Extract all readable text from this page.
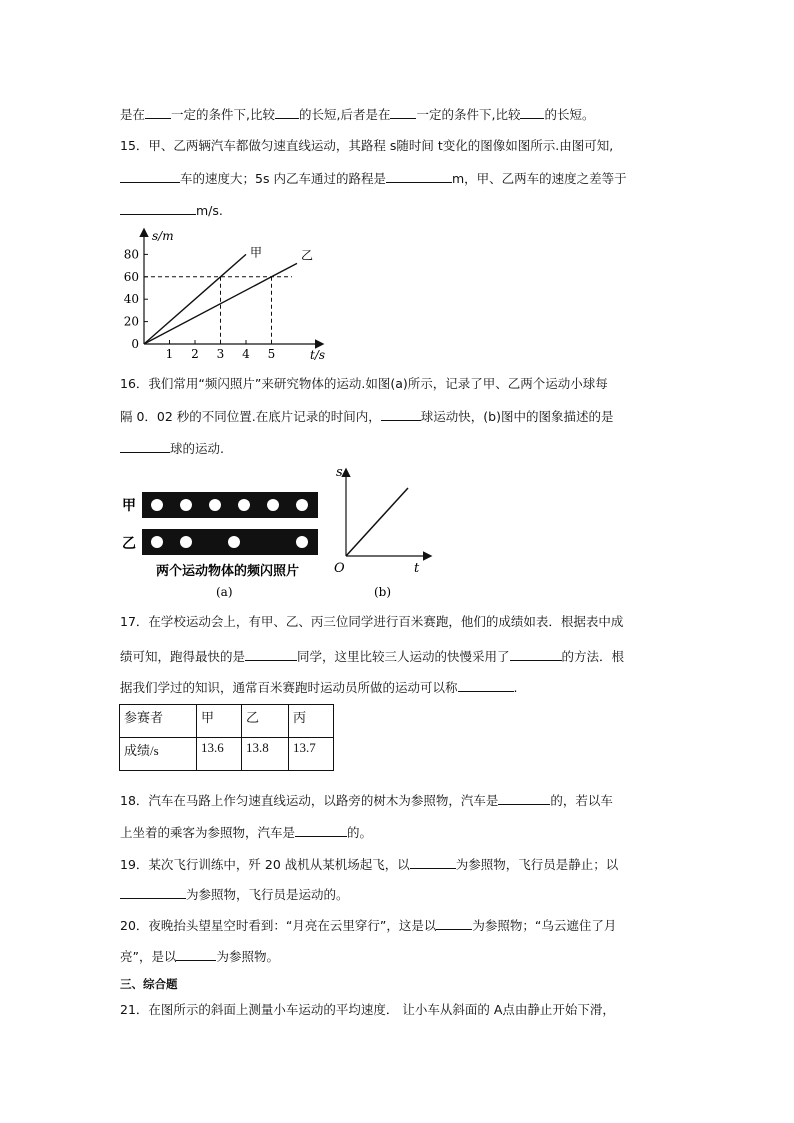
是在 一定的条件下,比较 的长短,后者是在 一定的条件下,比较 的长短。
15．甲、乙两辆汽车都做匀速直线运动，其路程 s随时间 t变化的图像如图所示.由图可知,
车的速度大；5s 内乙车通过的路程是	m，甲、乙两车的速度之差等于
m/s.
s/m
t/s
0
20
40
60
80
1 2 3 4 5
甲	乙
16．我们常用“频闪照片”来研究物体的运动.如图(a)所示，记录了甲、乙两个运动小球每
隔 0．02 秒的不同位置.在底片记录的时间内，	球运动快，(b)图中的图象描述的是
球的运动.
甲
乙
两个运动物体的频闪照片
(a)
s
t
O
(b)
17．在学校运动会上，有甲、乙、丙三位同学进行百米赛跑，他们的成绩如表．根据表中成
绩可知，跑得最快的是	同学，这里比较三人运动的快慢采用了	的方法．根
据我们学过的知识，通常百米赛跑时运动员所做的运动可以称	.
参赛者	甲	乙	丙
成绩/s	13.6	13.8	13.7
18．汽车在马路上作匀速直线运动，以路旁的树木为参照物，汽车是	的，若以车
上坐着的乘客为参照物，汽车是	的。
19．某次飞行训练中，歼 20 战机从某机场起飞，以	为参照物，飞行员是静止；以
为参照物，飞行员是运动的。
20．夜晚抬头望星空时看到：“月亮在云里穿行”，这是以	为参照物；“乌云遮住了月
亮”，是以	为参照物。
三、综合题
21．在图所示的斜面上测量小车运动的平均速度． 让小车从斜面的 A点由静止开始下滑，
